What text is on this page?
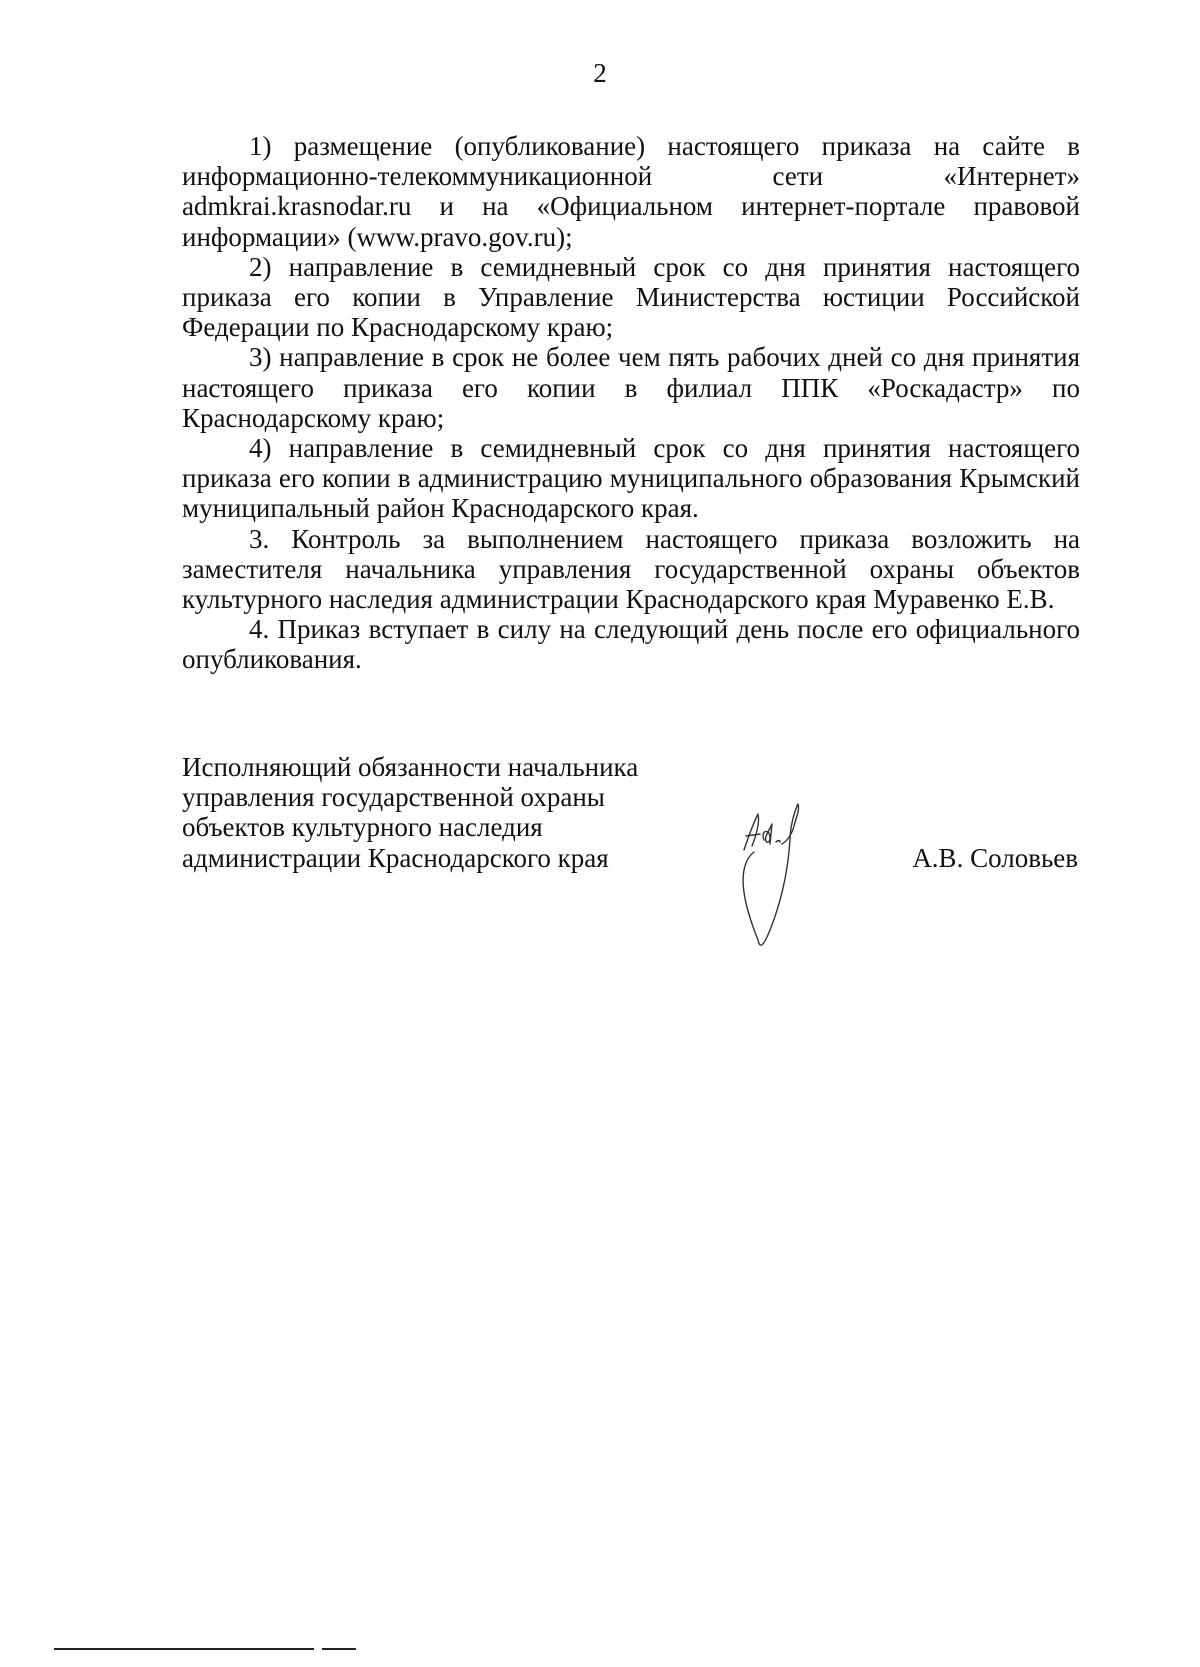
2

1) размещение (опубликование) настоящего приказа на сайте в информационно-телекоммуникационной сети «Интернет» admkrai.krasnodar.ru и на «Официальном интернет-портале правовой информации» (www.pravo.gov.ru);

2) направление в семидневный срок со дня принятия настоящего приказа его копии в Управление Министерства юстиции Российской Федерации по Краснодарскому краю;

3) направление в срок не более чем пять рабочих дней со дня принятия настоящего приказа его копии в филиал ППК «Роскадастр» по Краснодарскому краю;

4) направление в семидневный срок со дня принятия настоящего приказа его копии в администрацию муниципального образования Крымский муниципальный район Краснодарского края.

3. Контроль за выполнением настоящего приказа возложить на заместителя начальника управления государственной охраны объектов культурного наследия администрации Краснодарского края Муравенко Е.В.

4. Приказ вступает в силу на следующий день после его официального опубликования.

Исполняющий обязанности начальника
управления государственной охраны
объектов культурного наследия
администрации Краснодарского края	А.В. Соловьев
